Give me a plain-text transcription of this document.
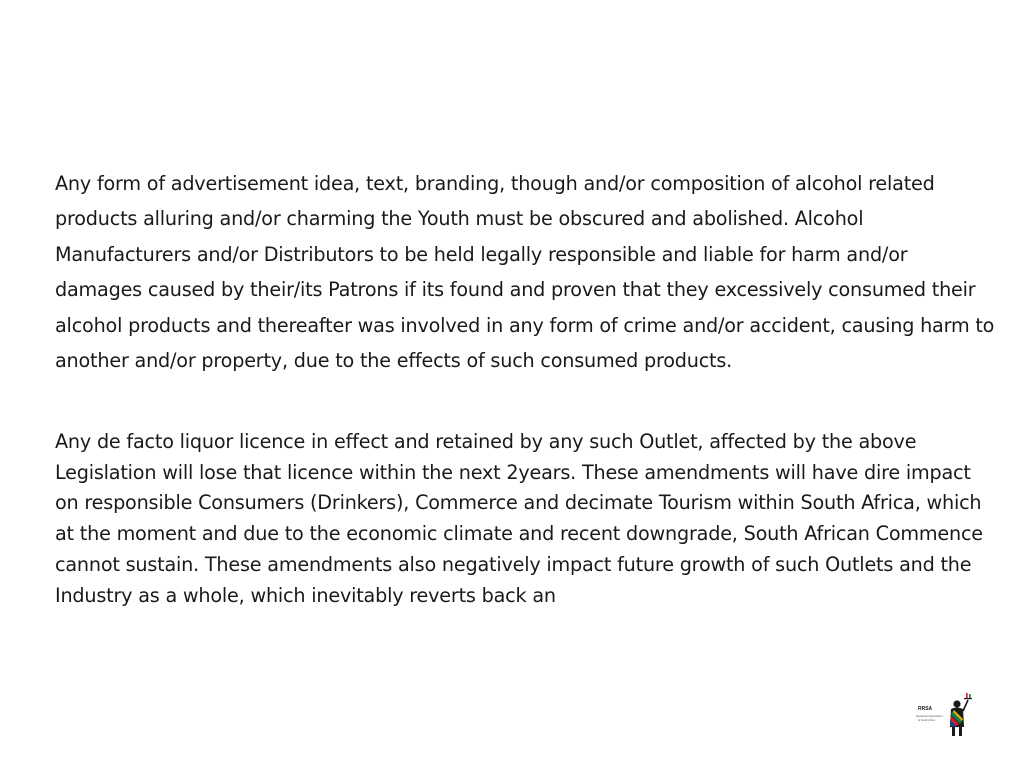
Any form of advertisement idea, text, branding, though and/or composition of alcohol related products alluring and/or charming the Youth must be obscured and abolished. Alcohol Manufacturers and/or Distributors to be held legally responsible and liable for harm and/or damages caused by their/its Patrons if its found and proven that they excessively consumed their alcohol products and thereafter was involved in any form of crime and/or accident, causing harm to another and/or property, due to the effects of such consumed products.

Any de facto liquor licence in effect and retained by any such Outlet, affected by the above Legislation will lose that licence within the next 2years. These amendments will have dire impact on responsible Consumers (Drinkers), Commerce and decimate Tourism within South Africa, which at the moment and due to the economic climate and recent downgrade, South African Commence cannot sustain. These amendments also negatively impact future growth of such Outlets and the Industry as a whole, which inevitably reverts back an

RRSA
Restaurant Association
of South Africa
